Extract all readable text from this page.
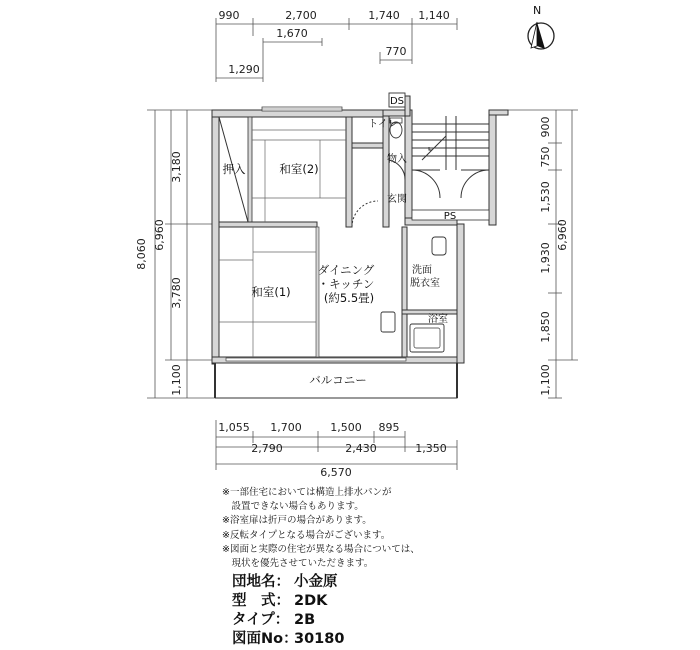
990	2,700	1,740 1,140
1,670
770
1,290
8,060
6,960
3,180
3,780
1,100
900
750
1,530
1,930
1,850
1,100
6,960
1,055 1,700	1,500 895
2,790	2,430	1,350
6,570
N
和室(2)
押入
和室(1)
ダイニング
・キッチン
(約5.5畳)
トイレ
物入
玄関
DS
PS
洗面
脱衣室
浴室
バルコニー
※一部住宅においては構造上排水パンが
　設置できない場合もあります。
※浴室扉は折戸の場合があります。
※反転タイプとなる場合がございます。
※図面と実際の住宅が異なる場合については、
　現状を優先させていただきます。
団地名： 小金原
型　式： 2DK
タイプ： 2B
図面No：30180
